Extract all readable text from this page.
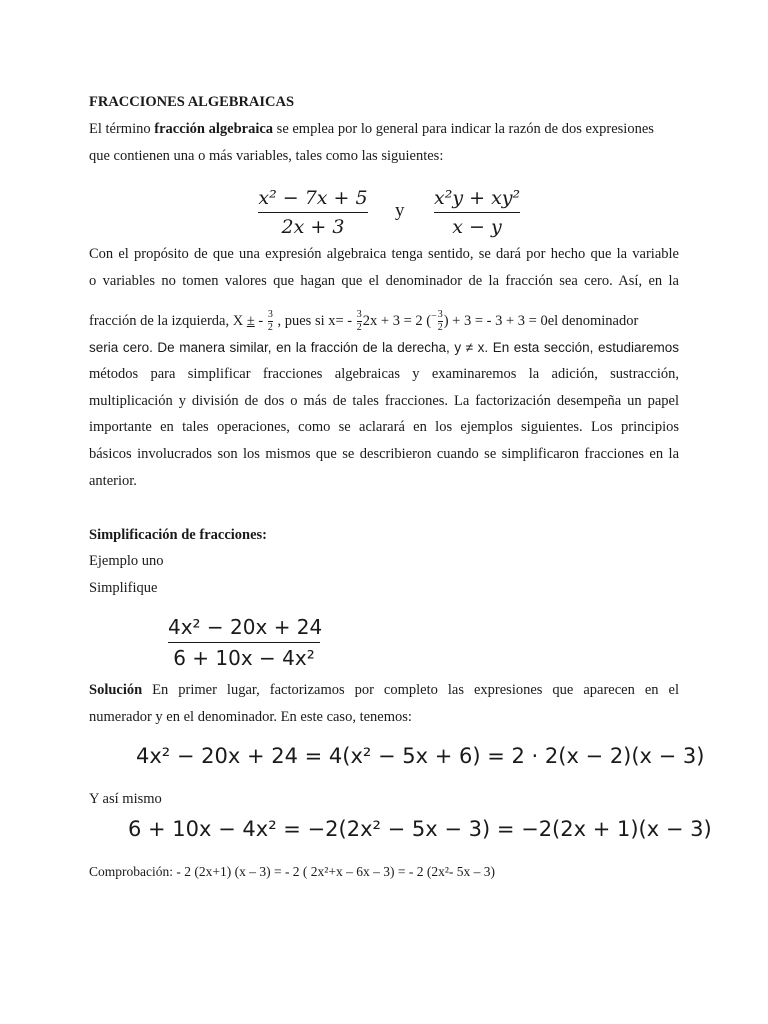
FRACCIONES ALGEBRAICAS

El término fracción algebraica se emplea por lo general para indicar la razón de dos expresiones

que contienen una o más variables, tales como las siguientes:

x² − 7x + 5
2x + 3
y
x²y + xy²
x − y

Con el propósito de que una expresión algebraica tenga sentido, se dará por hecho que la variable

o variables no tomen valores que hagan que el denominador de la fracción sea cero. Así, en la

fracción de la izquierda, X ± - $\frac{3}{2}$ , pues si $x= - \frac{3}{2} 2x + 3 = 2$ ($^- \frac{3}{2}$ ) + 3 = - 3 + 3 = 0el denominador

seria cero. De manera similar, en la fracción de la derecha, y ≠ x. En esta sección, estudiaremos

métodos para simplificar fracciones algebraicas y examinaremos la adición, sustracción,

multiplicación y división de dos o más de tales fracciones. La factorización desempeña un papel

importante en tales operaciones, como se aclarará en los ejemplos siguientes. Los principios

básicos involucrados son los mismos que se describieron cuando se simplificaron fracciones en la

anterior.

Simplificación de fracciones:

Ejemplo uno

Simplifique

4x² − 20x + 24
6 + 10x − 4x²

Solución En primer lugar, factorizamos por completo las expresiones que aparecen en el

numerador y en el denominador. En este caso, tenemos:

4x² − 20x + 24 = 4(x² − 5x + 6) = 2 · 2(x − 2)(x − 3)

Y así mismo

6 + 10x − 4x² = −2(2x² − 5x − 3) = −2(2x + 1)(x − 3)

Comprobación: - 2 (2x+1) (x – 3) = - 2 ( 2x²+x – 6x – 3) = - 2 (2x²- 5x – 3)
